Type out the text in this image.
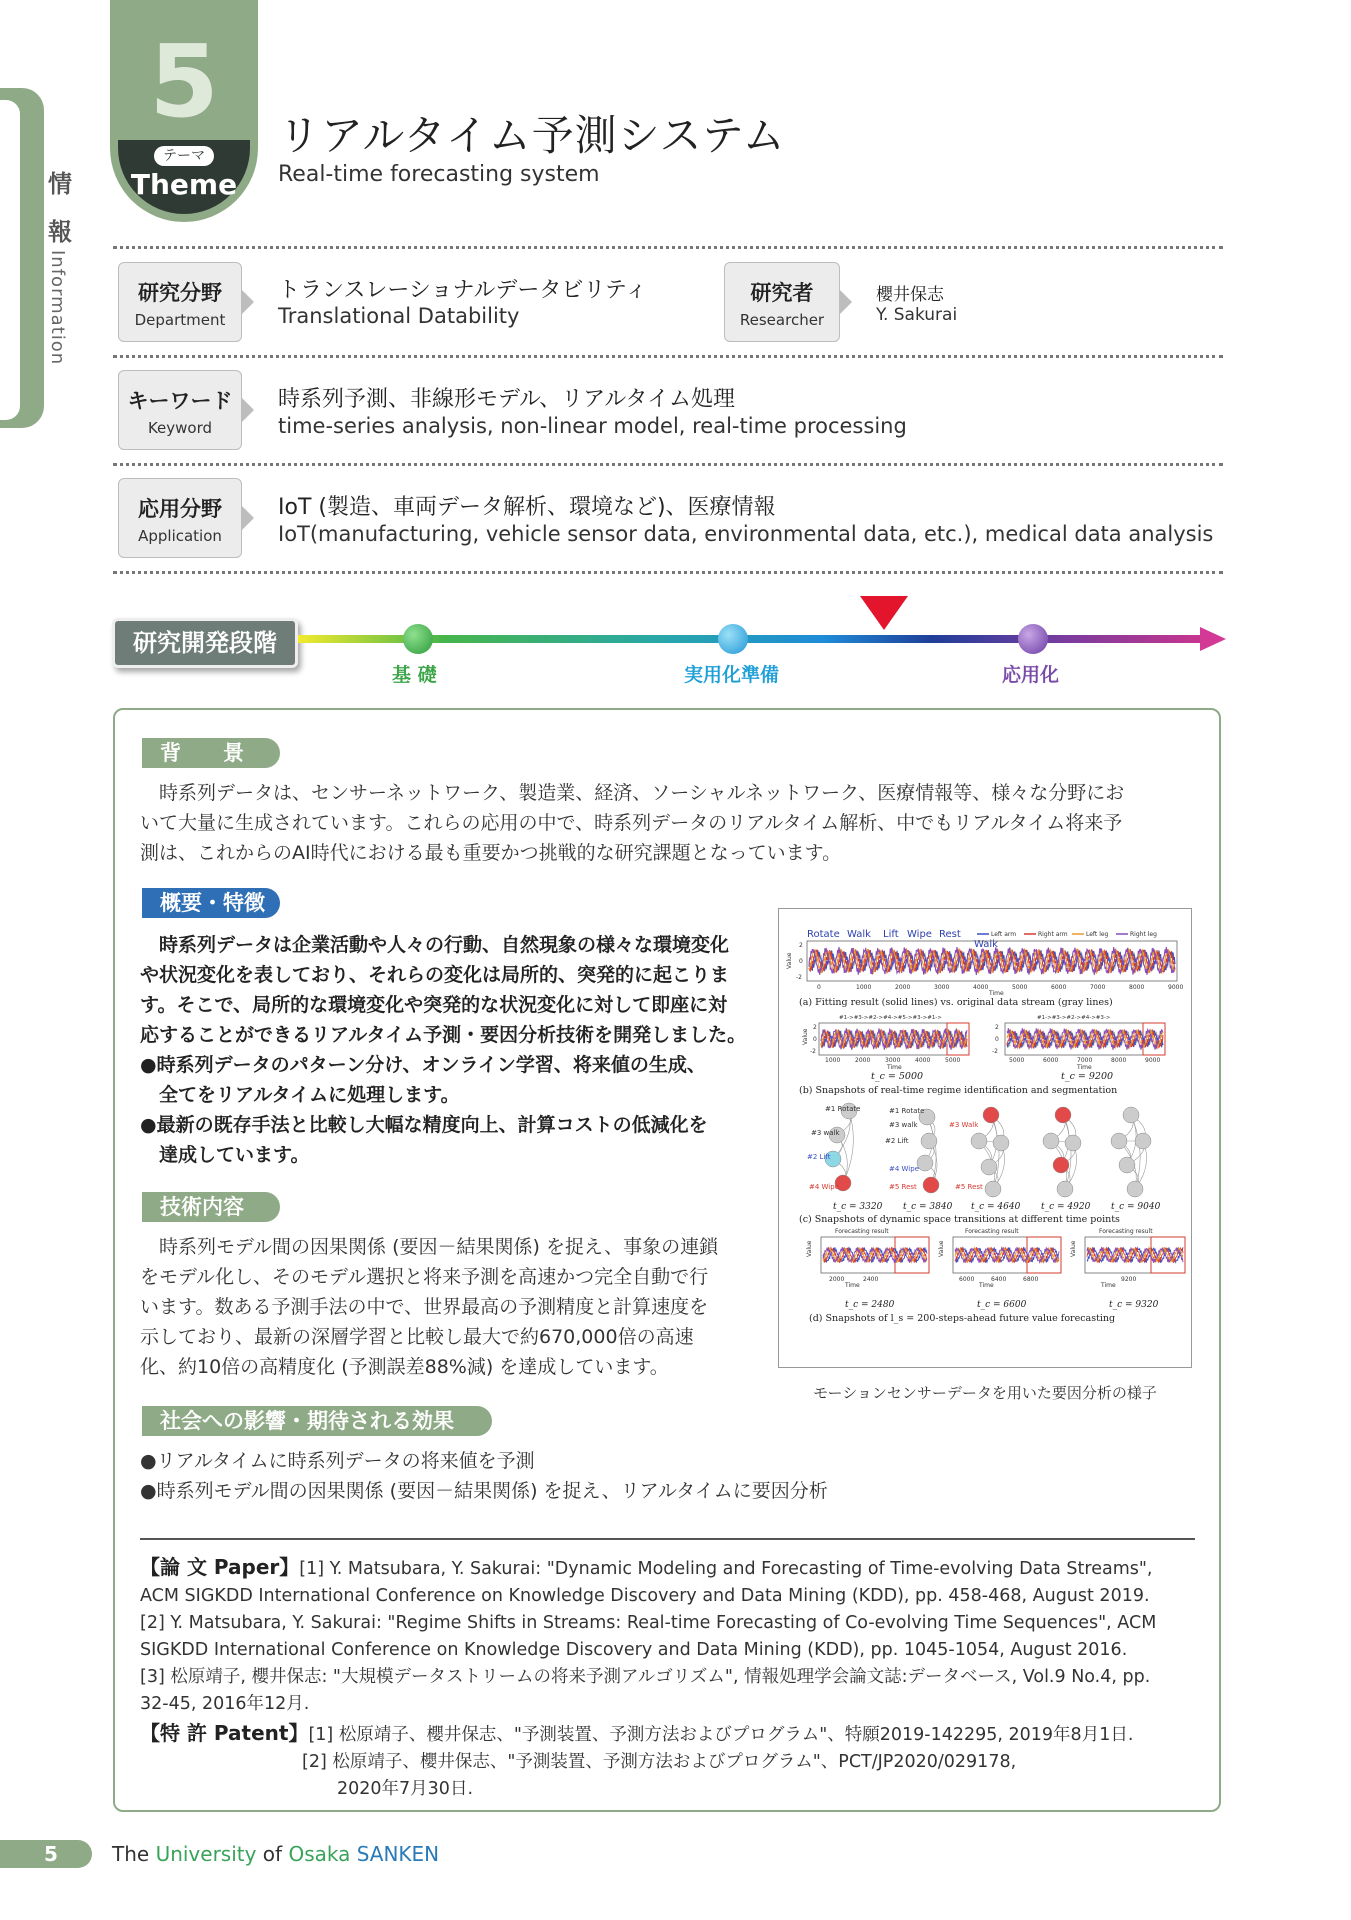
情
報
Information
5
テーマ
Theme
リアルタイム予測システム
Real-time forecasting system
研究分野
Department
トランスレーショナルデータビリティ
Translational Datability
研究者
Researcher
櫻井保志
Y. Sakurai
キーワード
Keyword
時系列予測、非線形モデル、リアルタイム処理
time-series analysis, non-linear model, real-time processing
応用分野
Application
IoT (製造、車両データ解析、環境など)、医療情報
IoT(manufacturing, vehicle sensor data, environmental data, etc.), medical data analysis
研究開発段階
基 礎	実用化準備	応用化
背　　景
　時系列データは、センサーネットワーク、製造業、経済、ソーシャルネットワーク、医療情報等、様々な分野にお
いて大量に生成されています。これらの応用の中で、時系列データのリアルタイム解析、中でもリアルタイム将来予
測は、これからのAI時代における最も重要かつ挑戦的な研究課題となっています。
概要・特徴
　時系列データは企業活動や人々の行動、自然現象の様々な環境変化
や状況変化を表しており、それらの変化は局所的、突発的に起こりま
す。そこで、局所的な環境変化や突発的な状況変化に対して即座に対
応することができるリアルタイム予測・要因分析技術を開発しました。
●時系列データのパターン分け、オンライン学習、将来値の生成、
　全てをリアルタイムに処理します。
●最新の既存手法と比較し大幅な精度向上、計算コストの低減化を
　達成しています。
技術内容
　時系列モデル間の因果関係 (要因－結果関係) を捉え、事象の連鎖
をモデル化し、そのモデル選択と将来予測を高速かつ完全自動で行
います。数ある予測手法の中で、世界最高の予測精度と計算速度を
示しており、最新の深層学習と比較し最大で約670,000倍の高速
化、約10倍の高精度化 (予測誤差88%減) を達成しています。
社会への影響・期待される効果
●リアルタイムに時系列データの将来値を予測
●時系列モデル間の因果関係 (要因－結果関係) を捉え、リアルタイムに要因分析
Rotate Walk Lift Wipe Rest
Walk
Left arm	Right arm	Left leg	Right leg
0	1000	2000	3000	4000	5000	6000	7000	8000	9000
2
0
-2
Value
Time
(a) Fitting result (solid lines) vs. original data stream (gray lines)
#1->#3->#2->#4->#5->#3->#1->	#1->#3->#2->#4->#3->
1000 2000 3000 4000 5000	5000	6000	7000	8000	9000
Value
2
0
-2
2
0
-2
Time	Time
t_c = 5000	t_c = 9200
(b) Snapshots of real-time regime identification and segmentation
#1 Rotate
#3 walk
#2 Lift
#1 Rotate
#3 walk
#2 Lift
#3 Walk
#4 Wipe
#4 Wipe	#5 Rest	#5 Rest
t_c = 3320 t_c = 3840 t_c = 4640 t_c = 4920 t_c = 9040
(c) Snapshots of dynamic space transitions at different time points
Forecasting result	Forecasting result	Forecasting result
Value	Value	Value
2000	2400
Time
6000	6400	6800
Time
9200
Time
t_c = 2480	t_c = 6600	t_c = 9320
(d) Snapshots of l_s = 200-steps-ahead future value forecasting
モーションセンサーデータを用いた要因分析の様子
【論 文 Paper】[1] Y. Matsubara, Y. Sakurai: "Dynamic Modeling and Forecasting of Time-evolving Data Streams",
ACM SIGKDD International Conference on Knowledge Discovery and Data Mining (KDD), pp. 458-468, August 2019.
[2] Y. Matsubara, Y. Sakurai: "Regime Shifts in Streams: Real-time Forecasting of Co-evolving Time Sequences", ACM
SIGKDD International Conference on Knowledge Discovery and Data Mining (KDD), pp. 1045-1054, August 2016.
[3] 松原靖子, 櫻井保志: "大規模データストリームの将来予測アルゴリズム", 情報処理学会論文誌:データベース, Vol.9 No.4, pp.
32-45, 2016年12月.
【特 許 Patent】[1] 松原靖子、櫻井保志、"予測装置、予測方法およびプログラム"、特願2019-142295, 2019年8月1日.
[2] 松原靖子、櫻井保志、"予測装置、予測方法およびプログラム"、PCT/JP2020/029178,
　　2020年7月30日.
5	The University of Osaka SANKEN
